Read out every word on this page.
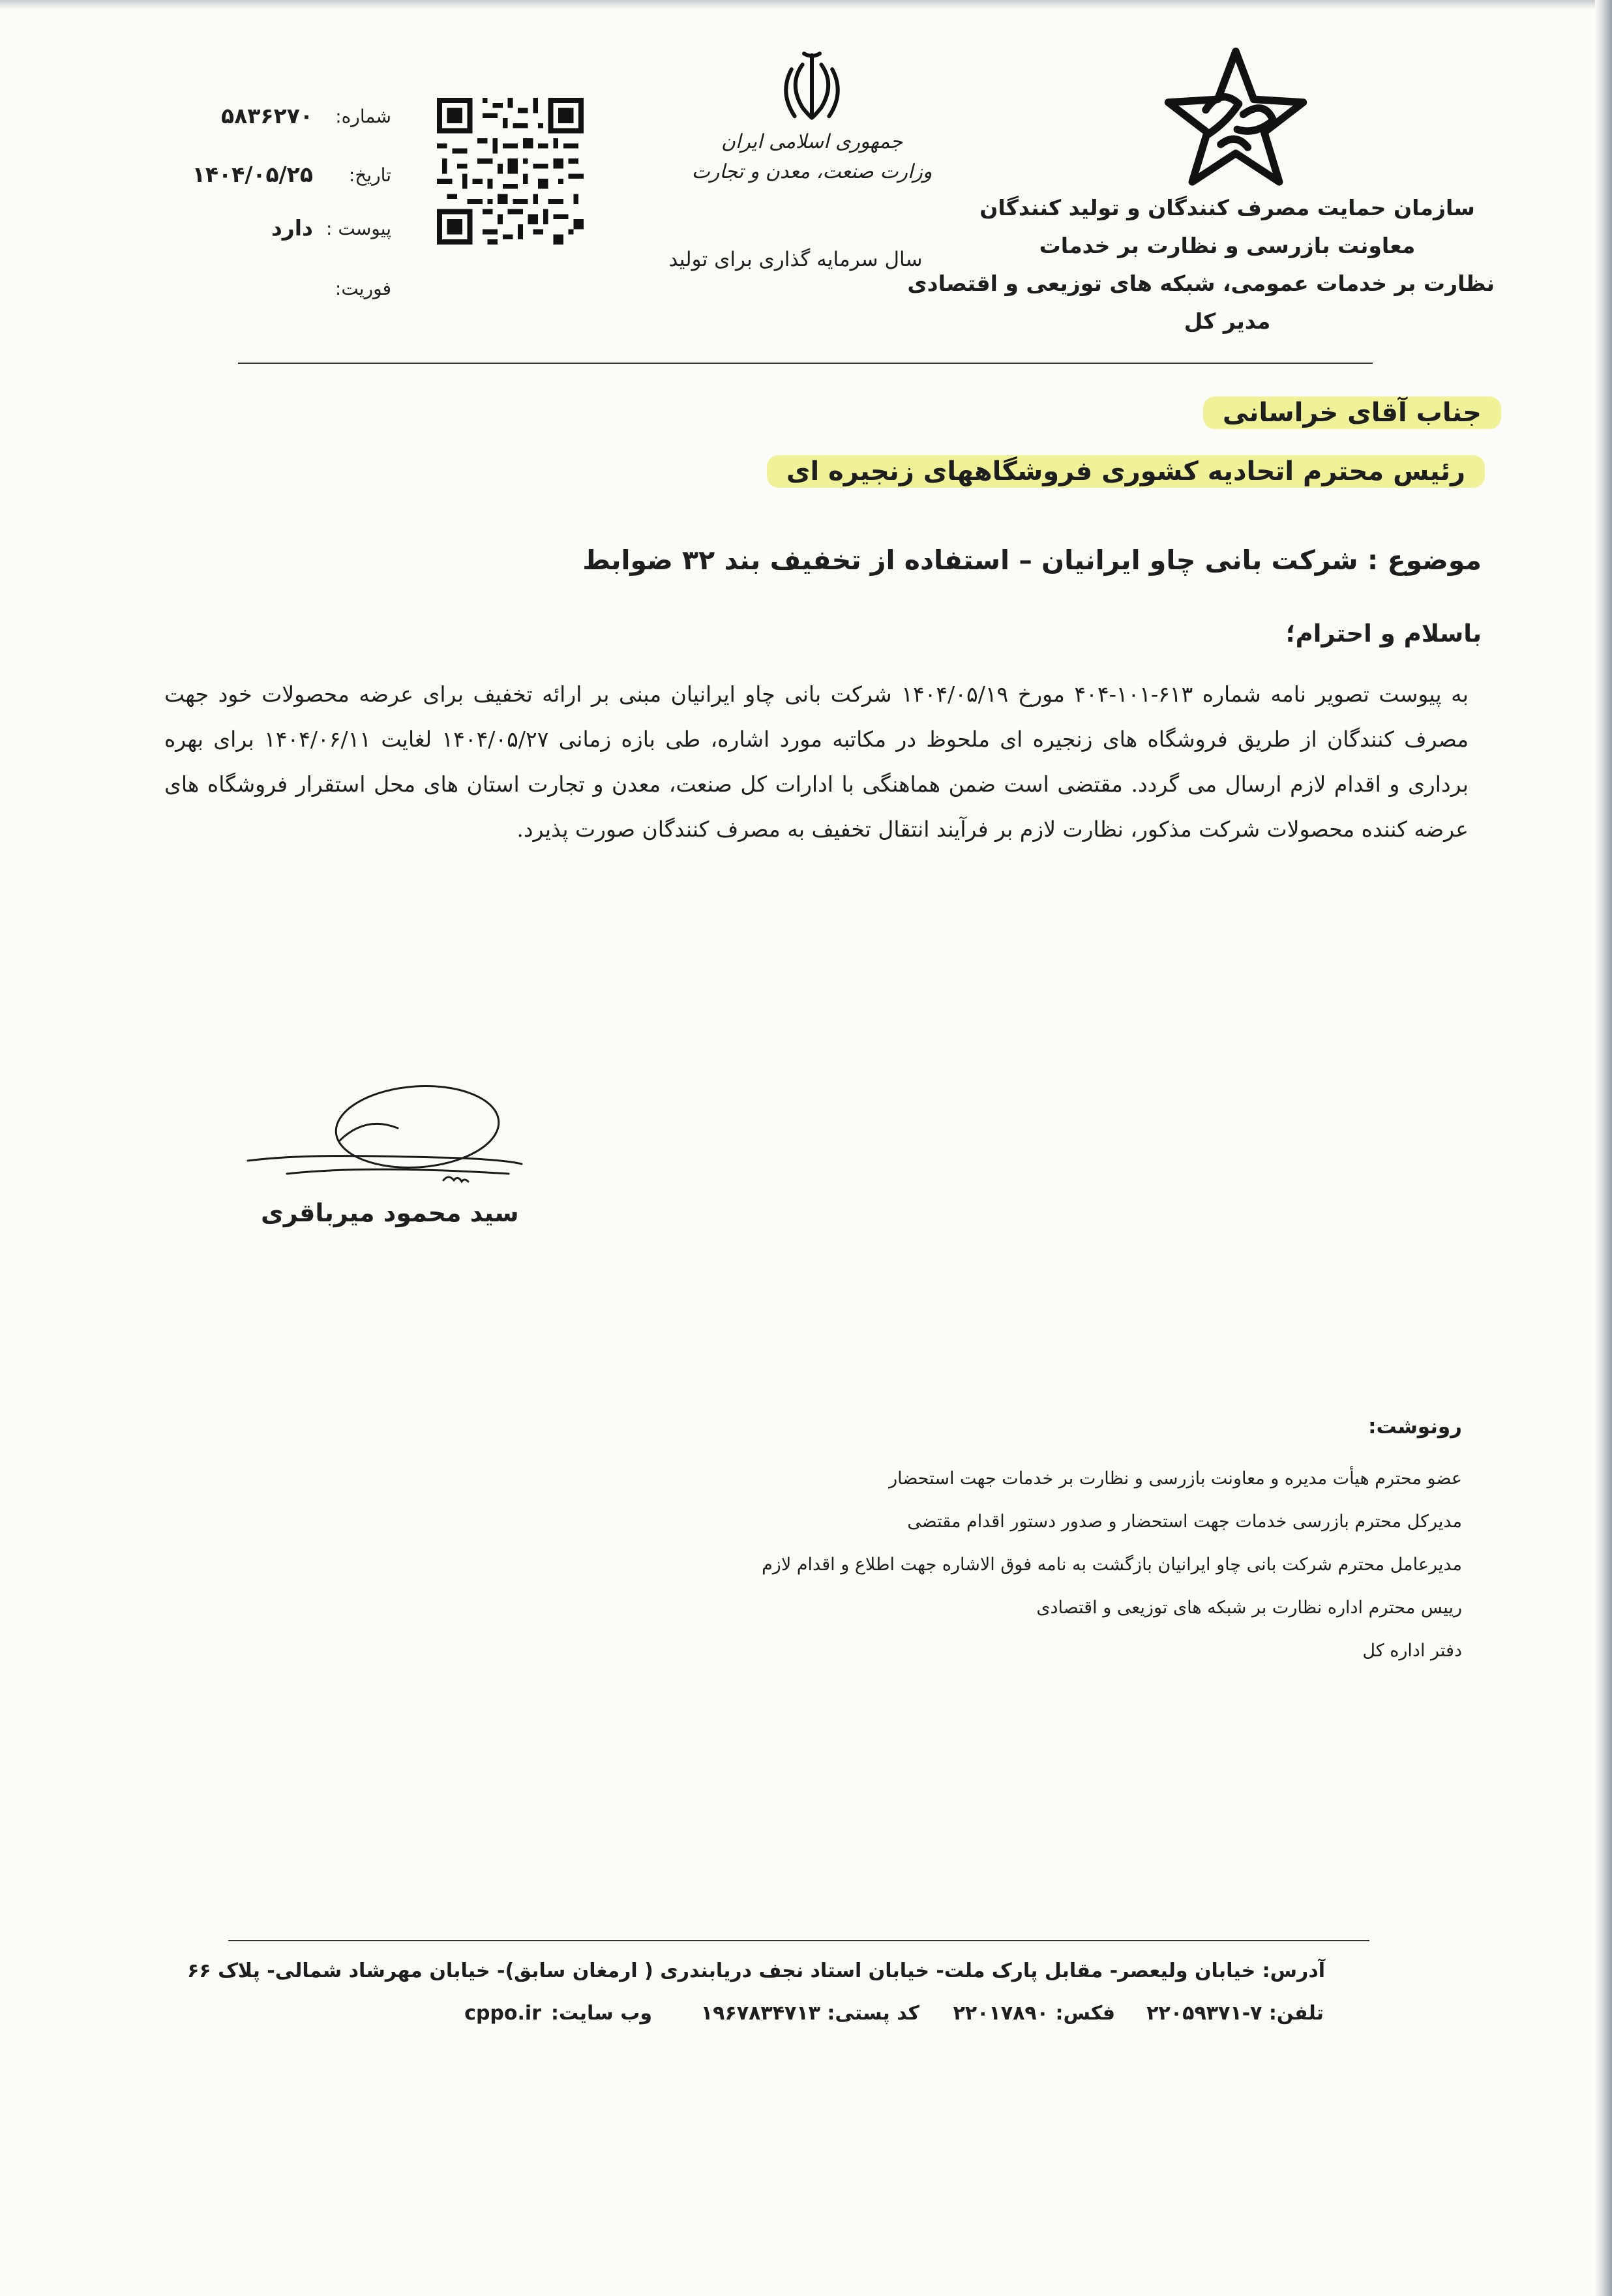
سازمان حمایت مصرف کنندگان و تولید کنندگان
معاونت بازرسی و نظارت بر خدمات
نظارت بر خدمات عمومی، شبکه های توزیعی و اقتصادی
مدیر کل
جمهوری اسلامی ایران
وزارت صنعت، معدن و تجارت
سال سرمایه گذاری برای تولید
شماره:
۵۸۳۶۲۷۰
تاریخ:
۱۴۰۴/۰۵/۲۵
پیوست :
دارد
فوریت:
جناب آقای خراسانی
رئیس محترم اتحادیه کشوری فروشگاههای زنجیره ای
موضوع : شرکت بانی چاو ایرانیان – استفاده از تخفیف بند ۳۲ ضوابط
باسلام و احترام؛
به پیوست تصویر نامه شماره ۶۱۳-۱۰۱-۴۰۴ مورخ ۱۴۰۴/۰۵/۱۹ شرکت بانی چاو ایرانیان مبنی بر ارائه تخفیف برای عرضه محصولات خود جهت مصرف کنندگان از طریق فروشگاه های زنجیره ای ملحوظ در مکاتبه مورد اشاره، طی بازه زمانی ۱۴۰۴/۰۵/۲۷ لغایت ۱۴۰۴/۰۶/۱۱ برای بهره برداری و اقدام لازم ارسال می گردد. مقتضی است ضمن هماهنگی با ادارات کل صنعت، معدن و تجارت استان های محل استقرار فروشگاه های عرضه کننده محصولات شرکت مذکور، نظارت لازم بر فرآیند انتقال تخفیف به مصرف کنندگان صورت پذیرد.
سید محمود میرباقری
رونوشت:
عضو محترم هیأت مدیره و معاونت بازرسی و نظارت بر خدمات جهت استحضار
مدیرکل محترم بازرسی خدمات جهت استحضار و صدور دستور اقدام مقتضی
مدیرعامل محترم شرکت بانی چاو ایرانیان بازگشت به نامه فوق الاشاره جهت اطلاع و اقدام لازم
رییس محترم اداره نظارت بر شبکه های توزیعی و اقتصادی
دفتر اداره کل
آدرس: خیابان ولیعصر- مقابل پارک ملت- خیابان استاد نجف دریابندری ( ارمغان سابق)- خیابان مهرشاد شمالی- پلاک ۶۶
تلفن: ۷-۲۲۰۵۹۳۷۱
فکس: ۲۲۰۱۷۸۹۰
کد پستی: ۱۹۶۷۸۳۴۷۱۳
وب سایت:
cppo.ir
